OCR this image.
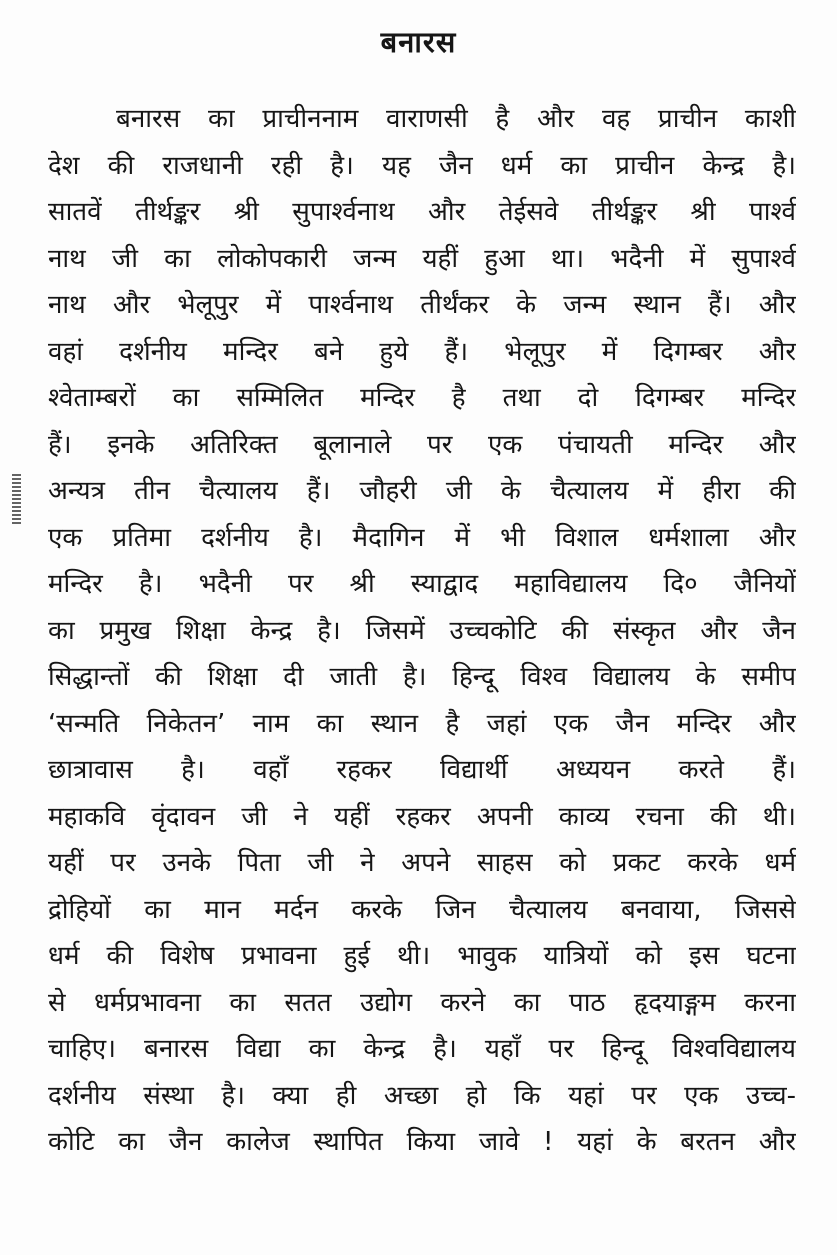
बनारस
बनारस का प्राचीननाम वाराणसी है और वह प्राचीन काशी
देश की राजधानी रही है। यह जैन धर्म का प्राचीन केन्द्र है।
सातवें तीर्थङ्कर श्री सुपार्श्वनाथ और तेईसवे तीर्थङ्कर श्री पार्श्व
नाथ जी का लोकोपकारी जन्म यहीं हुआ था। भदैनी में सुपार्श्व
नाथ और भेलूपुर में पार्श्वनाथ तीर्थंकर के जन्म स्थान हैं। और
वहां दर्शनीय मन्दिर बने हुये हैं। भेलूपुर में दिगम्बर और
श्वेताम्बरों का सम्मिलित मन्दिर है तथा दो दिगम्बर मन्दिर
हैं। इनके अतिरिक्त बूलानाले पर एक पंचायती मन्दिर और
अन्यत्र तीन चैत्यालय हैं। जौहरी जी के चैत्यालय में हीरा की
एक प्रतिमा दर्शनीय है। मैदागिन में भी विशाल धर्मशाला और
मन्दिर है। भदैनी पर श्री स्याद्वाद महाविद्यालय दि० जैनियों
का प्रमुख शिक्षा केन्द्र है। जिसमें उच्चकोटि की संस्कृत और जैन
सिद्धान्तों की शिक्षा दी जाती है। हिन्दू विश्व विद्यालय के समीप
‘सन्मति निकेतन’ नाम का स्थान है जहां एक जैन मन्दिर और
छात्रावास है। वहाँ रहकर विद्यार्थी अध्ययन करते हैं।
महाकवि वृंदावन जी ने यहीं रहकर अपनी काव्य रचना की थी।
यहीं पर उनके पिता जी ने अपने साहस को प्रकट करके धर्म
द्रोहियों का मान मर्दन करके जिन चैत्यालय बनवाया, जिससे
धर्म की विशेष प्रभावना हुई थी। भावुक यात्रियों को इस घटना
से धर्मप्रभावना का सतत उद्योग करने का पाठ हृदयाङ्गम करना
चाहिए। बनारस विद्या का केन्द्र है। यहाँ पर हिन्दू विश्वविद्यालय
दर्शनीय संस्था है। क्या ही अच्छा हो कि यहां पर एक उच्च-
कोटि का जैन कालेज स्थापित किया जावे ! यहां के बरतन और
